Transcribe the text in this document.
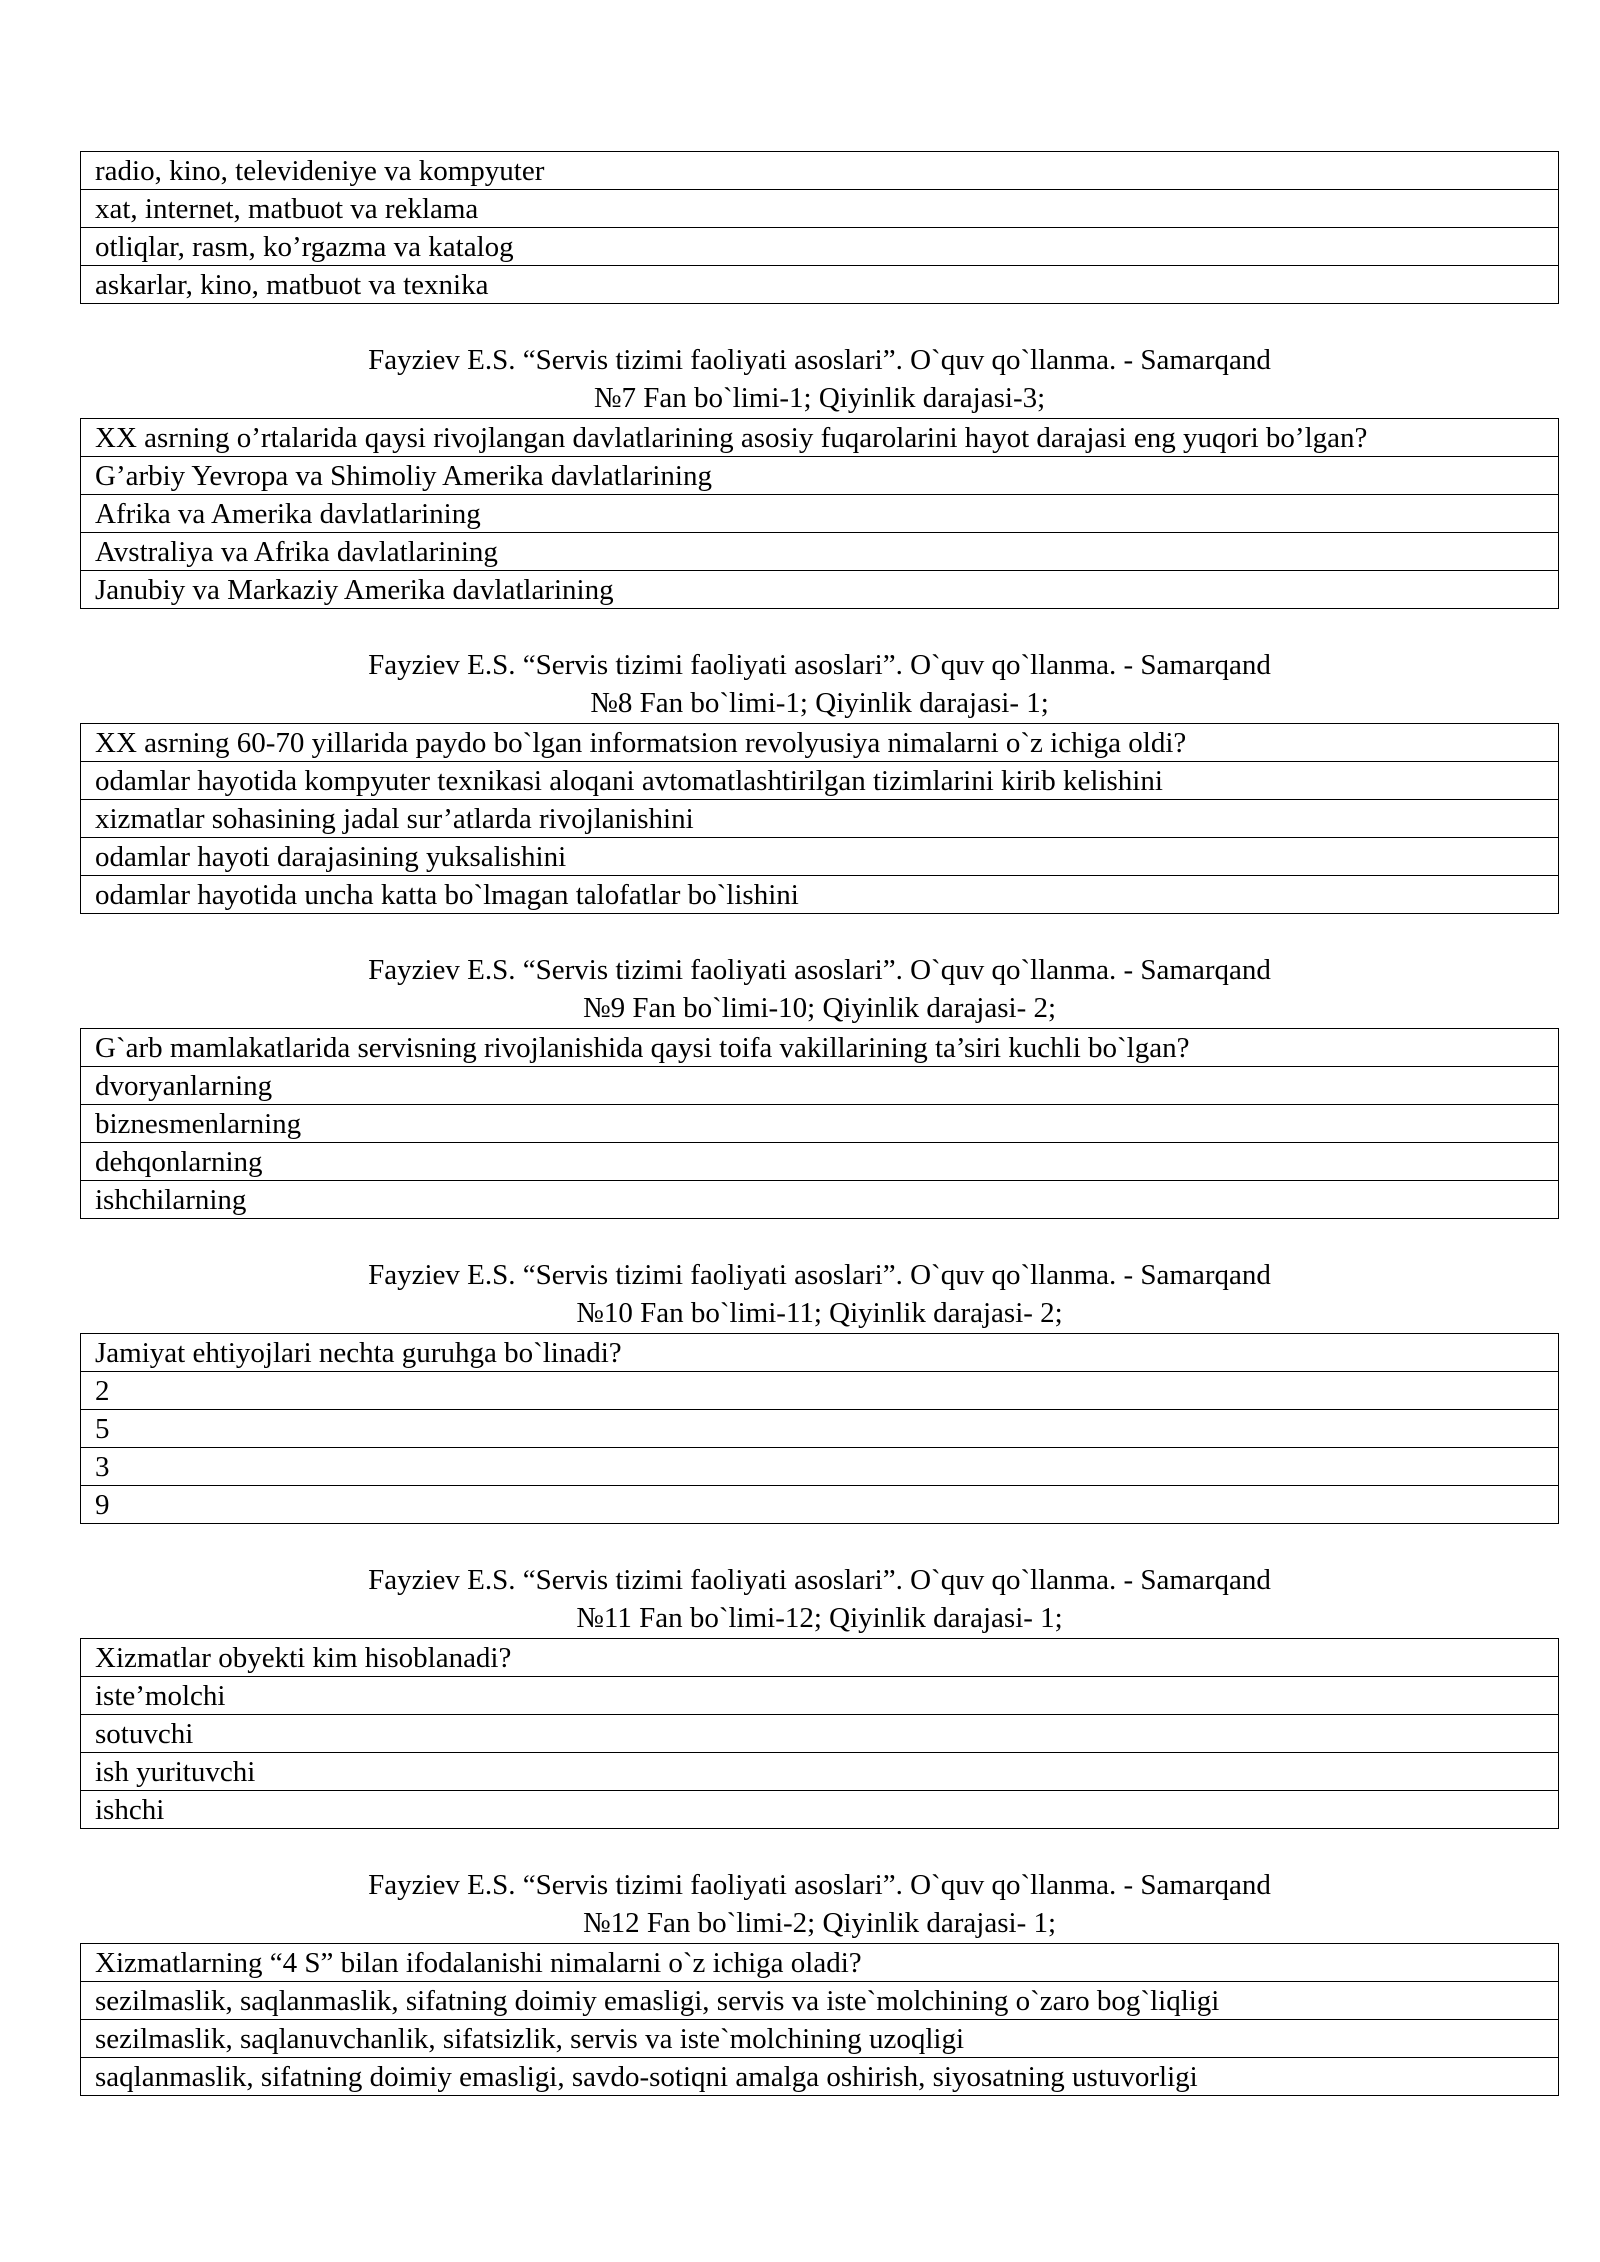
radio, kino, televideniye va kompyuter
xat, internet, matbuot va reklama
otliqlar, rasm, ko’rgazma va katalog
askarlar, kino, matbuot va texnika
Fayziev E.S. “Servis tizimi faoliyati asoslari”. O`quv qo`llanma. - Samarqand
№7 Fan bo`limi-1; Qiyinlik darajasi-3;
XX asrning o’rtalarida qaysi rivojlangan davlatlarining asosiy fuqarolarini hayot darajasi eng yuqori bo’lgan?
G’arbiy Yevropa va Shimoliy Amerika davlatlarining
Afrika va Amerika davlatlarining
Avstraliya va Afrika davlatlarining
Janubiy va Markaziy Amerika davlatlarining
Fayziev E.S. “Servis tizimi faoliyati asoslari”. O`quv qo`llanma. - Samarqand
№8 Fan bo`limi-1; Qiyinlik darajasi- 1;
XX asrning 60-70 yillarida paydo bo`lgan informatsion revolyusiya nimalarni o`z ichiga oldi?
odamlar hayotida kompyuter texnikasi aloqani avtomatlashtirilgan tizimlarini kirib kelishini
xizmatlar sohasining jadal sur’atlarda rivojlanishini
odamlar hayoti darajasining yuksalishini
odamlar hayotida uncha katta bo`lmagan talofatlar bo`lishini
Fayziev E.S. “Servis tizimi faoliyati asoslari”. O`quv qo`llanma. - Samarqand
№9 Fan bo`limi-10; Qiyinlik darajasi- 2;
G`arb mamlakatlarida servisning rivojlanishida qaysi toifa vakillarining ta’siri kuchli bo`lgan?
dvoryanlarning
biznesmenlarning
dehqonlarning
ishchilarning
Fayziev E.S. “Servis tizimi faoliyati asoslari”. O`quv qo`llanma. - Samarqand
№10 Fan bo`limi-11; Qiyinlik darajasi- 2;
Jamiyat ehtiyojlari nechta guruhga bo`linadi?
2
5
3
9
Fayziev E.S. “Servis tizimi faoliyati asoslari”. O`quv qo`llanma. - Samarqand
№11 Fan bo`limi-12; Qiyinlik darajasi- 1;
Xizmatlar obyekti kim hisoblanadi?
iste’molchi
sotuvchi
ish yurituvchi
ishchi
Fayziev E.S. “Servis tizimi faoliyati asoslari”. O`quv qo`llanma. - Samarqand
№12 Fan bo`limi-2; Qiyinlik darajasi- 1;
Xizmatlarning “4 S” bilan ifodalanishi nimalarni o`z ichiga oladi?
sezilmaslik, saqlanmaslik, sifatning doimiy emasligi, servis va iste`molchining o`zaro bog`liqligi
sezilmaslik, saqlanuvchanlik, sifatsizlik, servis va iste`molchining uzoqligi
saqlanmaslik, sifatning doimiy emasligi, savdo-sotiqni amalga oshirish, siyosatning ustuvorligi
